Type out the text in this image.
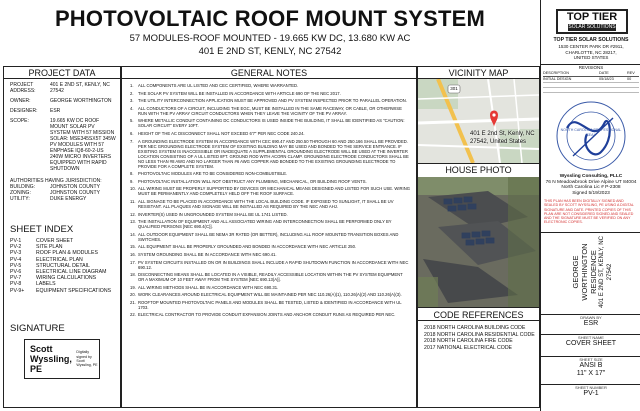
PHOTOVOLTAIC ROOF MOUNT SYSTEM
57 MODULES-ROOF MOUNTED - 19.665 KW DC, 13.680 KW AC
401 E 2ND ST, KENLY, NC 27542
PROJECT DATA
PROJECT ADDRESS:
401 E 2ND ST, KENLY, NC 27542
OWNER:	GEORGE WORTHINGTON
DESIGNER:	ESR
SCOPE:	19.665 KW DC ROOF MOUNT SOLAR PV SYSTEM WITH 57 MISSION SOLAR: MSE345SX5T 345W PV MODULES WITH 57 ENPHASE IQ8-60-2-US 240W MICRO INVERTERS EQUIPPED WITH RAPID SHUTDOWN
AUTHORITIES HAVING JURISDICTION:
BUILDING:	JOHNSTON COUNTY
ZONING:	JOHNSTON COUNTY
UTILITY:	DUKE ENERGY
SHEET INDEX
PV-1	COVER SHEET
PV-2	SITE PLAN
PV-3	ROOF PLAN & MODULES
PV-4	ELECTRICAL PLAN
PV-5	STRUCTURAL DETAIL
PV-6	ELECTRICAL LINE DIAGRAM
PV-7	WIRING CALCULATIONS
PV-8	LABELS
PV-9+	EQUIPMENT SPECIFICATIONS
SIGNATURE
Scott
Wyssling, PE
Digitally signed by Scott Wyssling, PE
GENERAL NOTES
1.	ALL COMPONENTS ARE UL LISTED AND CEC CERTIFIED, WHERE WARRANTED.
2.	THE SOLAR PV SYSTEM WILL BE INSTALLED IN ACCORDANCE WITH ARTICLE 690 OF THE NEC 2017.
3.	THE UTILITY INTERCONNECTION APPLICATION MUST BE APPROVED AND PV SYSTEM INSPECTED PRIOR TO PARALLEL OPERATION.
4.	ALL CONDUCTORS OF A CIRCUIT, INCLUDING THE EGC, MUST BE INSTALLED IN THE SAME RACEWAY, OR CABLE, OR OTHERWISE RUN WITH THE PV ARRAY CIRCUIT CONDUCTORS WHEN THEY LEAVE THE VICINITY OF THE PV ARRAY.
5.	WHERE METALLIC CONDUIT CONTAINING DC CONDUCTORS IS USED INSIDE THE BUILDING, IT SHALL BE IDENTIFIED AS "CAUTION: SOLAR CIRCUIT" EVERY 10FT.
6.	HEIGHT OF THE AC DISCONNECT SHALL NOT EXCEED 6'7" PER NEC CODE 240.24.
7.	A GROUNDING ELECTRODE SYSTEM IN ACCORDANCE WITH CEC 690.47 AND 250.50 THROUGH 60 AND 250.166 SHALL BE PROVIDED. PER NEC GROUNDING ELECTRODE SYSTEM OF EXISTING BUILDING MAY BE USED AND BONDED TO THE SERVICE ENTRANCE. IF EXISTING SYSTEM IS INACCESSIBLE OR INADEQUATE A SUPPLEMENTAL GROUNDING ELECTRODE WILL BE USED AT THE INVERTER LOCATION CONSISTING OF A UL LISTED 8FT. GROUND ROD WITH ACORN CLAMP. GROUNDING ELECTRODE CONDUCTORS SHALL BE NO LESS THAN #8 AWG AND NO LARGER THAN #6 AWG COPPER AND BONDED TO THE EXISTING GROUNDING ELECTRODE TO PROVIDE FOR A COMPLETE SYSTEM.
8.	PHOTOVOLTAIC MODULES ARE TO BE CONSIDERED NON-COMBUSTIBLE.
9.	PHOTOVOLTAIC INSTALLATION WILL NOT OBSTRUCT ANY PLUMBING, MECHANICAL, OR BUILDING ROOF VENTS.
10. ALL WIRING MUST BE PROPERLY SUPPORTED BY DEVICES OR MECHANICAL MEANS DESIGNED AND LISTED FOR SUCH USE. WIRING MUST BE PERMANENTLY AND COMPLETELY HELD OFF THE ROOF SURFACE.
11. ALL SIGNAGE TO BE PLACED IN ACCORDANCE WITH THE LOCAL BUILDING CODE. IF EXPOSED TO SUNLIGHT, IT SHALL BE UV RESISTANT. ALL PLAQUES AND SIGNAGE WILL BE INSTALLED AS REQUIRED BY THE NEC AND AHJ.
12. INVERTER(S) USED IN UNGROUNDED SYSTEM SHALL BE UL 1741 LISTED.
13. THE INSTALLATION OF EQUIPMENT AND ALL ASSOCIATED WIRING AND INTERCONNECTION SHALL BE PERFORMED ONLY BY QUALIFIED PERSONS [NEC 690.4(C)].
14. ALL OUTDOOR EQUIPMENT SHALL BE NEMA 3R RATED (OR BETTER), INCLUDING ALL ROOF MOUNTED TRANSITION BOXES AND SWITCHES.
15. ALL EQUIPMENT SHALL BE PROPERLY GROUNDED AND BONDED IN ACCORDANCE WITH NEC ARTICLE 250.
16. SYSTEM GROUNDING SHALL BE IN ACCORDANCE WITH NEC 690.41.
17. PV SYSTEM CIRCUITS INSTALLED ON OR IN BUILDINGS SHALL INCLUDE A RAPID SHUTDOWN FUNCTION IN ACCORDANCE WITH NEC 690.12.
18. DISCONNECTING MEANS SHALL BE LOCATED IN A VISIBLE, READILY ACCESSIBLE LOCATION WITHIN THE PV SYSTEM EQUIPMENT OR A MAXIMUM OF 10 FEET AWAY FROM THE SYSTEM [NEC 690.13(A)].
19. ALL WIRING METHODS SHALL BE IN ACCORDANCE WITH NEC 690.31.
20. WORK CLEARANCES AROUND ELECTRICAL EQUIPMENT WILL BE MAINTAINED PER NEC 110.26(A)(1), 110.26(A)(2) AND 110.26(A)(3).
21. ROOFTOP MOUNTED PHOTOVOLTAIC PANELS AND MODULES SHALL BE TESTED, LISTED & IDENTIFIED IN ACCORDANCE WITH UL 1703.
22. ELECTRICAL CONTRACTOR TO PROVIDE CONDUIT EXPANSION JOINTS AND ANCHOR CONDUIT RUNS AS REQUIRED PER NEC.
VICINITY MAP
301
401 E 2nd St, Kenly, NC
27542, United States
HOUSE PHOTO
CODE REFERENCES
2018 NORTH CAROLINA BUILDING CODE
2018 NORTH CAROLINA RESIDENTIAL CODE
2018 NORTH CAROLINA FIRE CODE
2017 NATIONAL ELECTRICAL CODE
TOP TIER
SOLAR SOLUTIONS
TOP TIER SOLAR SOLUTIONS
1530 CENTER PARK DR #2911,
CHARLOTTE, NC 28217,
UNITED STATES
REVISIONS
DESCRIPTION	DATE	REV
INITIAL DESIGN	05/18/23	00
NORTH CAROLINA PROFESSIONAL SEAL
Wyssling Consulting, PLLC
76 N Meadowbrook Drive Alpine UT 84004
North Carolina Lic # P-2308
Signed 5/19/2023
THIS PLAN HAS BEEN DIGITALLY SIGNED AND SEALED BY SCOTT WYSSLING, PE USING A DIGITAL SIGNATURE AND DATE. PRINTED COPIES OF THIS PLAN ARE NOT CONSIDERED SIGNED AND SEALED AND THE SIGNATURE MUST BE VERIFIED ON ANY ELECTRONIC COPIES.
GEORGE WORTHINGTON RESIDENCE 401 E 2ND ST, KENLY, NC 27542
DRAWN BY
ESR
SHEET NAME
COVER SHEET
SHEET SIZE
ANSI B
11" X 17"
SHEET NUMBER
PV-1
